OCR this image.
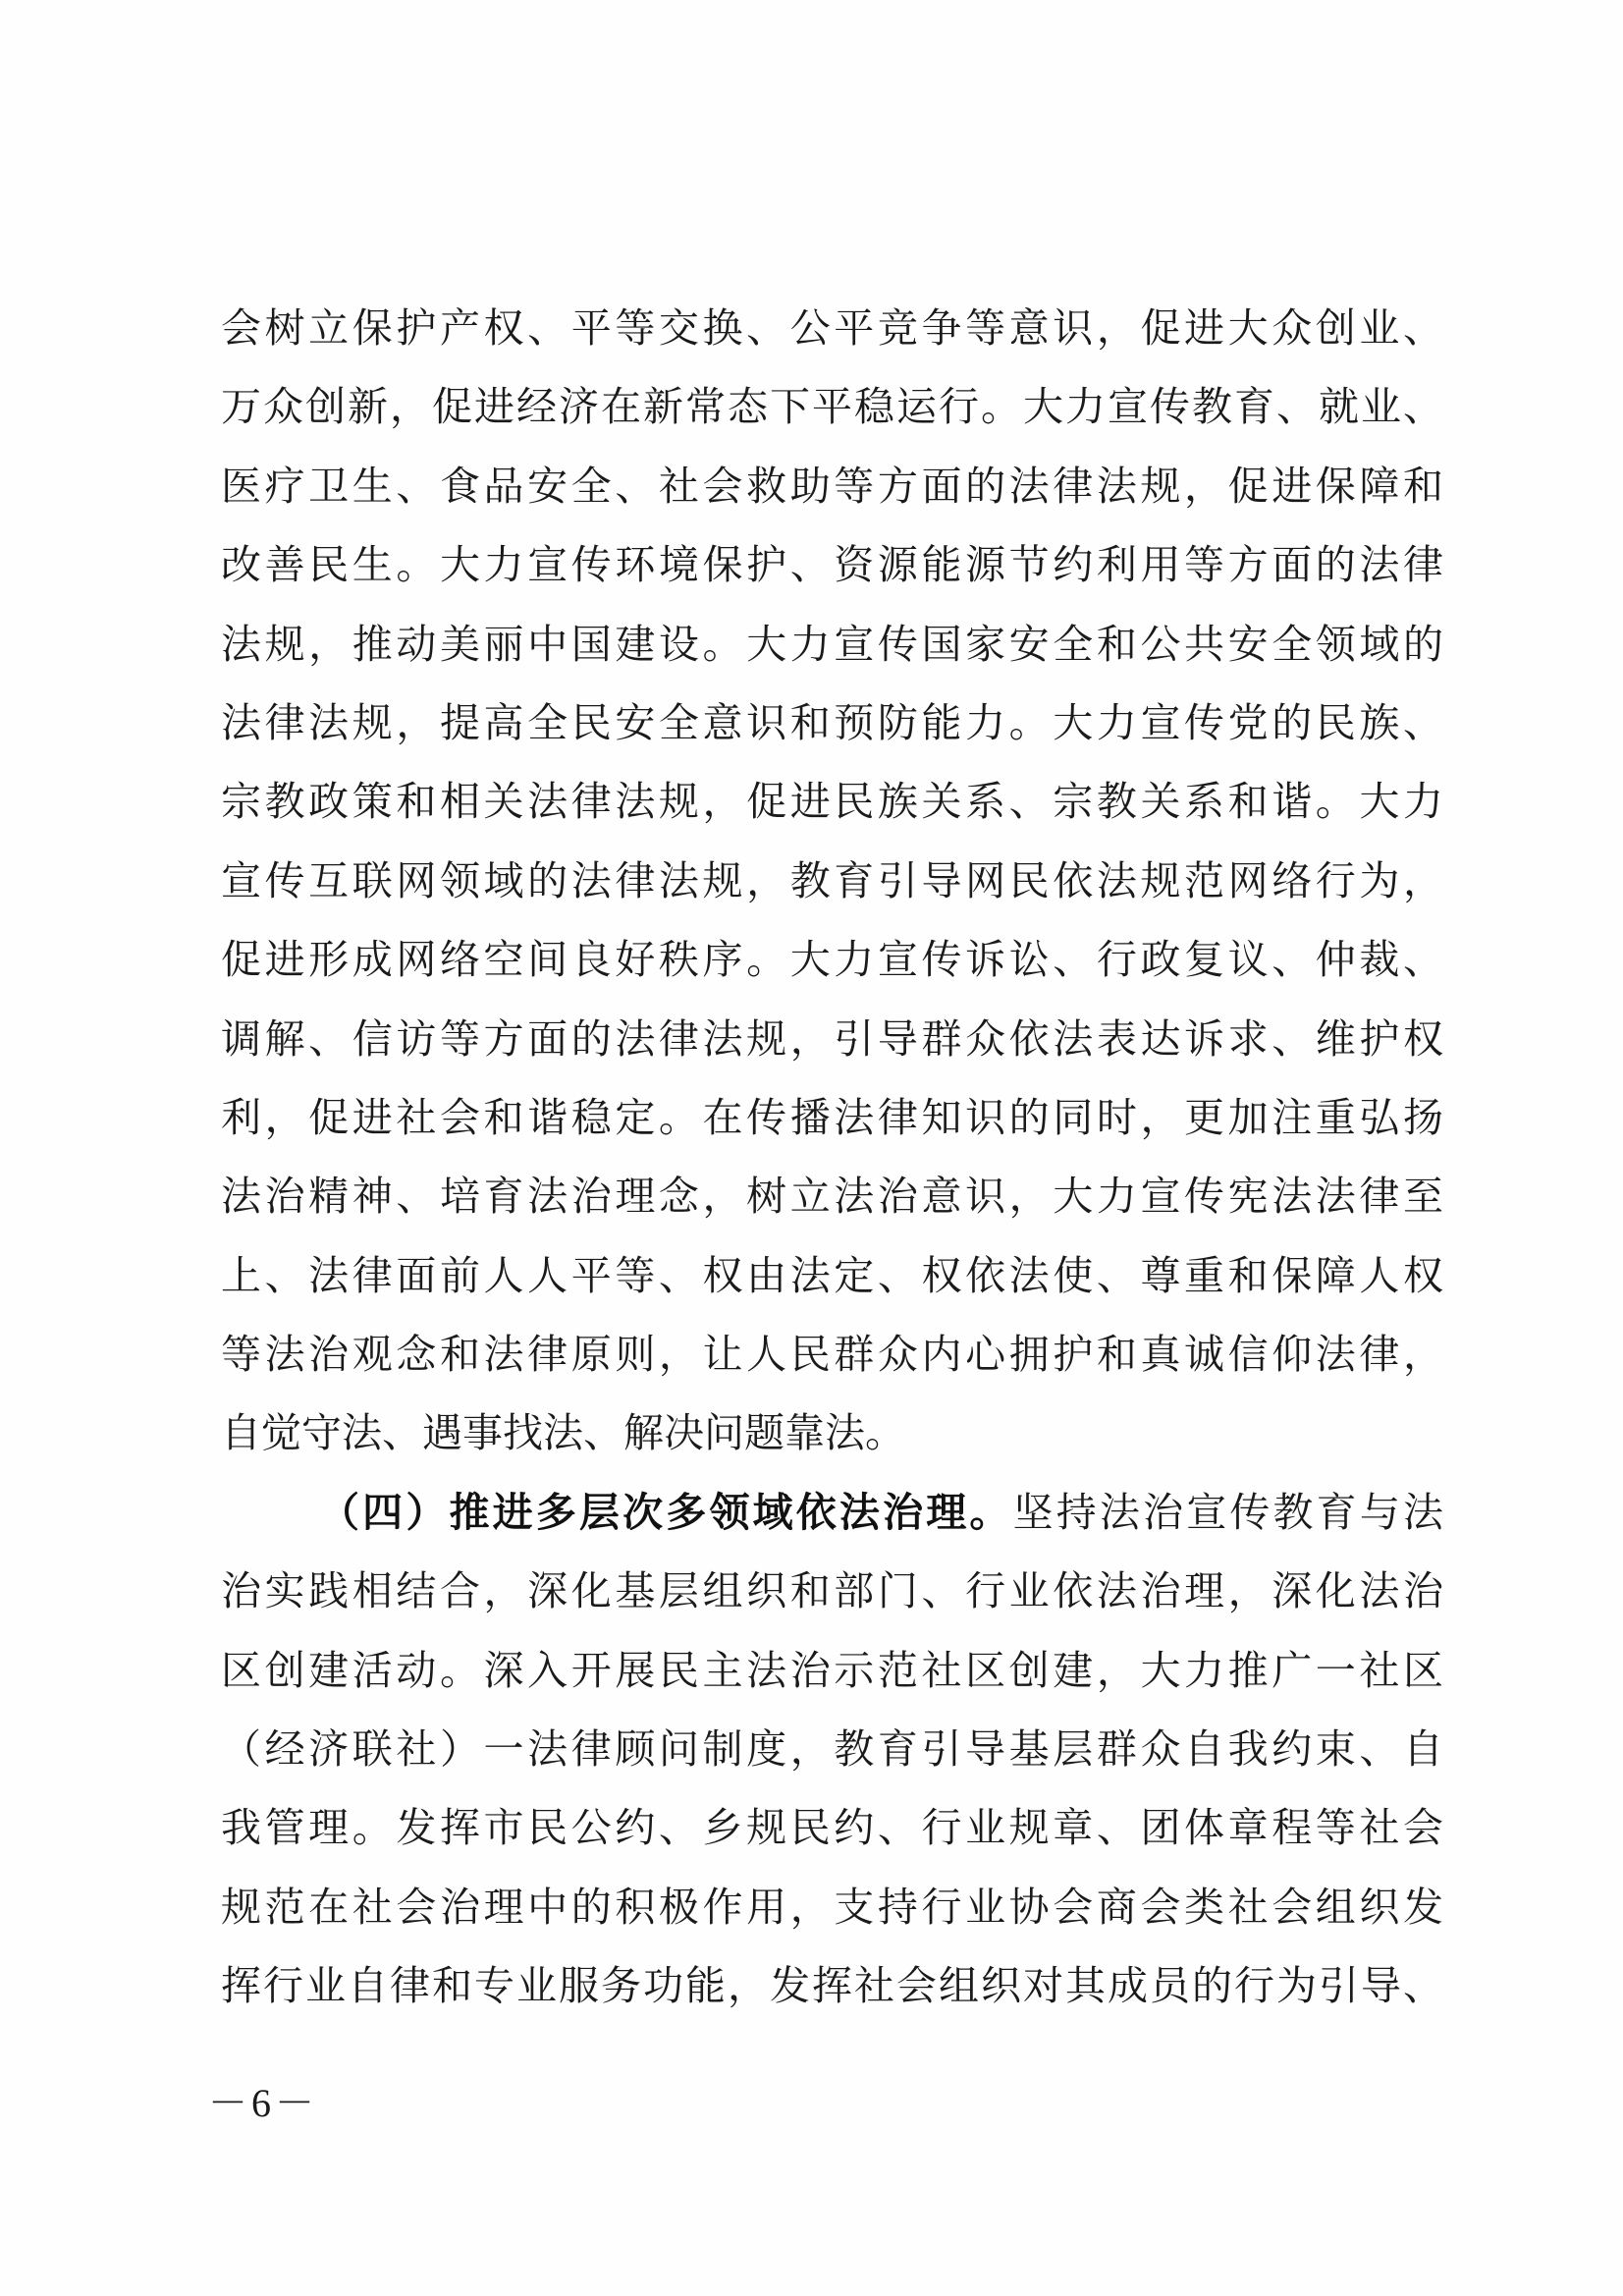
会树立保护产权、平等交换、公平竞争等意识，促进大众创业、
万众创新，促进经济在新常态下平稳运行。大力宣传教育、就业、
医疗卫生、食品安全、社会救助等方面的法律法规，促进保障和
改善民生。大力宣传环境保护、资源能源节约利用等方面的法律
法规，推动美丽中国建设。大力宣传国家安全和公共安全领域的
法律法规，提高全民安全意识和预防能力。大力宣传党的民族、
宗教政策和相关法律法规，促进民族关系、宗教关系和谐。大力
宣传互联网领域的法律法规，教育引导网民依法规范网络行为，
促进形成网络空间良好秩序。大力宣传诉讼、行政复议、仲裁、
调解、信访等方面的法律法规，引导群众依法表达诉求、维护权
利，促进社会和谐稳定。在传播法律知识的同时，更加注重弘扬
法治精神、培育法治理念，树立法治意识，大力宣传宪法法律至
上、法律面前人人平等、权由法定、权依法使、尊重和保障人权
等法治观念和法律原则，让人民群众内心拥护和真诚信仰法律，
自觉守法、遇事找法、解决问题靠法。
（四）推进多层次多领域依法治理。坚持法治宣传教育与法
治实践相结合，深化基层组织和部门、行业依法治理，深化法治
区创建活动。深入开展民主法治示范社区创建，大力推广一社区
（经济联社）一法律顾问制度，教育引导基层群众自我约束、自
我管理。发挥市民公约、乡规民约、行业规章、团体章程等社会
规范在社会治理中的积极作用，支持行业协会商会类社会组织发
挥行业自律和专业服务功能，发挥社会组织对其成员的行为引导、
－6－
